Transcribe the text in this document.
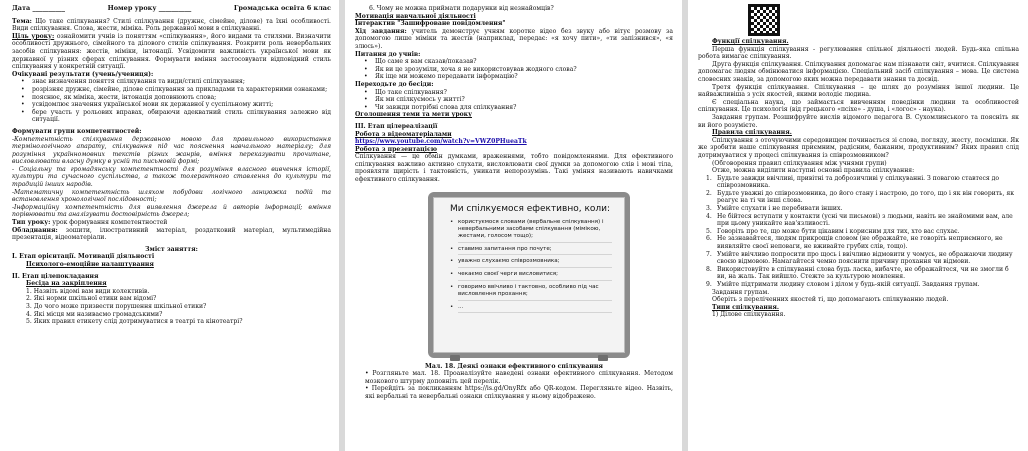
Дата __________	Номер уроку __________	Громадська освіта 6 клас

Тема: Що таке спілкування? Стилі спілкування (дружнє, сімейне, ділове) та їхні особливості. Види спілкування. Слова, жести, міміка. Роль державної мови в спілкуванні.

Ціль уроку: ознайомити учнів із поняттям «спілкування», його видами та стилями. Визначити особливості дружнього, сімейного та ділового стилів спілкування. Розкрити роль невербальних засобів спілкування: жестів, міміки, інтонації. Усвідомити важливість української мови як державної у різних сферах спілкування. Формувати вміння застосовувати відповідний стиль спілкування у конкретній ситуації.

Очікувані результати (учень/учениця):
• знає визначення поняття спілкування та види/стилі спілкування;
• розрізняє дружнє, сімейне, ділове спілкування за прикладами та характерними ознаками;
• пояснює, як міміка, жести, інтонація доповнюють слова;
• усвідомлює значення української мови як державної у суспільному житті;
• бере участь у рольових вправах, обираючи адекватний стиль спілкування залежно від ситуації.
Формувати групи компетентностей:

-Компетентність спілкування державною мовою для правильного використання термінологічного апарату, спілкування під час пояснення навчального матеріалу; для розуміння українномовних текстів різних жанрів, вміння переказувати прочитане, висловлювати власну думку в усній та письмовій формі;

- Соціальну та громадянську компетентності для розуміння власного вивчення історії, культури та сучасного суспільства, а також толерантного ставлення до культури та традицій інших народів.

-Математичну компетентність шляхом побудови логічного ланцюжка подій та встановлення хронологічної послідовності;

-Інформаційну компетентність для виявлення джерела й авторів інформації; вміння порівнювати та аналізувати достовірність джерел;

Тип уроку: урок формування компетентностей

Обладнання: зошити, ілюстративний матеріал, роздатковий матеріал, мультимедійна презентація, відеоматеріали.

Зміст заняття:
І. Етап орієнтації. Мотивації діяльності
Психолого-емоційне налаштування
ІІ. Етап цілепокладання
Бесіда на закріплення
1. Назвіть відомі вам види колективів.
2. Які норми шкільної етики вам відомі?
3. До чого може призвести порушення шкільної етики?
4. Які місця ми називаємо громадськими?
5. Яких правил етикету слід дотримуватися в театрі та кінотеатрі?
6. Чому не можна приймати подарунки від незнайомців?
Мотивація навчальної діяльності
Інтерактив "Зашифроване повідомлення"

Хід завдання: учитель демонструє учням коротке відео без звуку або вітує розмову за допомогою лише міміки та жестів (наприклад, передає: «я хочу пити», «ти запізнився», «я злюсь»).

Питання до учнів:
• Що саме я вам сказав/показав?
• Як ви це зрозуміли, хоча я не використовував жодного слова?
• Як іще ми можемо передавати інформацію?
Переходьте до бесіди:
• Що таке спілкування?
• Як ми спілкуємось у житті?
• Чи завжди потрібні слова для спілкування?
Оголошення теми та мети уроку
ІІІ. Етап цілереалізації
Робота з відеоматеріалами
https://www.youtube.com/watch?v=VWZ0PHueaTk
Робота з презентацією

Спілкування — це обмін думками, враженнями, тобто повідомленнями. Для ефективного спілкування важливо активно слухати, висловлювати свої думки за допомогою слів і мові тіла, проявляти щирість і тактовність, уникати непорозумінь. Такі уміння називають навичками ефективного спілкування.

Ми спілкуємося ефективно, коли:
• користуємося словами (вербальне спілкування) і невербальними засобами спілкування (мімікою, жестами, голосом тощо);
• ставимо запитання про почуте;
• уважно слухаємо співрозмовника;
• чекаємо своєї черги висловитися;
• говоримо ввічливо і тактовно, особливо під час висловлення прохання;
• ...
Мал. 18. Деякі ознаки ефективного спілкування

• Розгляньте мал. 18. Проаналізуйте наведені ознаки ефективного спілкування. Методом мозкового штурму доповніть цей перелік.

• Перейдіть за покликанням https://is.gd/OnyRfx або QR-кодом. Перегляньте відео. Назвіть, які вербальні та невербальні ознаки спілкування у ньому відображено.

Функції спілкування.

Перша функція спілкування - регулювання спільної діяльності людей. Будь-яка спільна робота вимагає спілкування.

Друга функція спілкування. Спілкування допомагає нам пізнавати світ, вчитися. Спілкування допомагає людям обмінюватися інформацією. Спеціальний засіб спілкування – мова. Це система словесних знаків, за допомогою яких можна передавати знання та досвід.

Третя функція спілкування. Спілкування – це шлях до розуміння іншої людини. Це найважливіша з усіх якостей, якими володіє людина.

Є спеціальна наука, що займається вивченням поведінки людини та особливостей спілкування. Це психологія (від грецького «псіхе» - душа, і «логос» - наука).

Завдання групам. Розшифруйте вислів відомого педагога В. Сухомлинського та поясніть як ви його розумієте.

Правила спілкування.

Спілкування з оточуючими середовищем починається зі слова, погляду, жесту, посмішки. Як же зробити наше спілкування приємним, радісним, бажаним, продуктивним? Яких правил слід дотримуватися у процесі спілкування із співрозмовником?

(Обговорення правил спілкування між учнями групи)

Отже, можна виділити наступні основні правила спілкування:

1. Будьте завжди ввічливі, привітні та доброзичливі у спілкуванні. З повагою ставтеся до співрозмовника.
2. Будьте уважні до співрозмовника, до його стану і настрою, до того, що і як він говорить, як реагує на ті чи інші слова.
3. Умійте слухати і не перебивати інших.
4. Не бійтеся вступати у контакти (усні чи письмові) з людьми, навіть не знайомими вам, але при цьому уникайте нав'язливості.
5. Говоріть про те, що може бути цікавим і корисним для тих, хто вас слухає.
6. Не зазнавайтеся, людям прикрощів словом (не ображайте, не говоріть неприємного, не виявляйте своєї неповаги, не вживайте грубих слів, тощо).
7. Умійте ввічливо попросити про щось і ввічливо відмовити у чомусь, не ображаючи людину своєю відмовою. Намагайтеся чемно пояснити причину прохання чи відмови.
8. Використовуйте в спілкуванні слова будь ласка, вибачте, не ображайтеся, чи не змогли б ви, на жаль. Так вийшло. Стежте за культурою мовлення.
9. Умійте підтримати людину словом і ділом у будь-якій ситуації. Завдання групам.
Завдання групам.

Оберіть з переліченних якостей ті, що допомагають спілкуванню людей.

Типи спілкування.
1) Ділове спілкування.
